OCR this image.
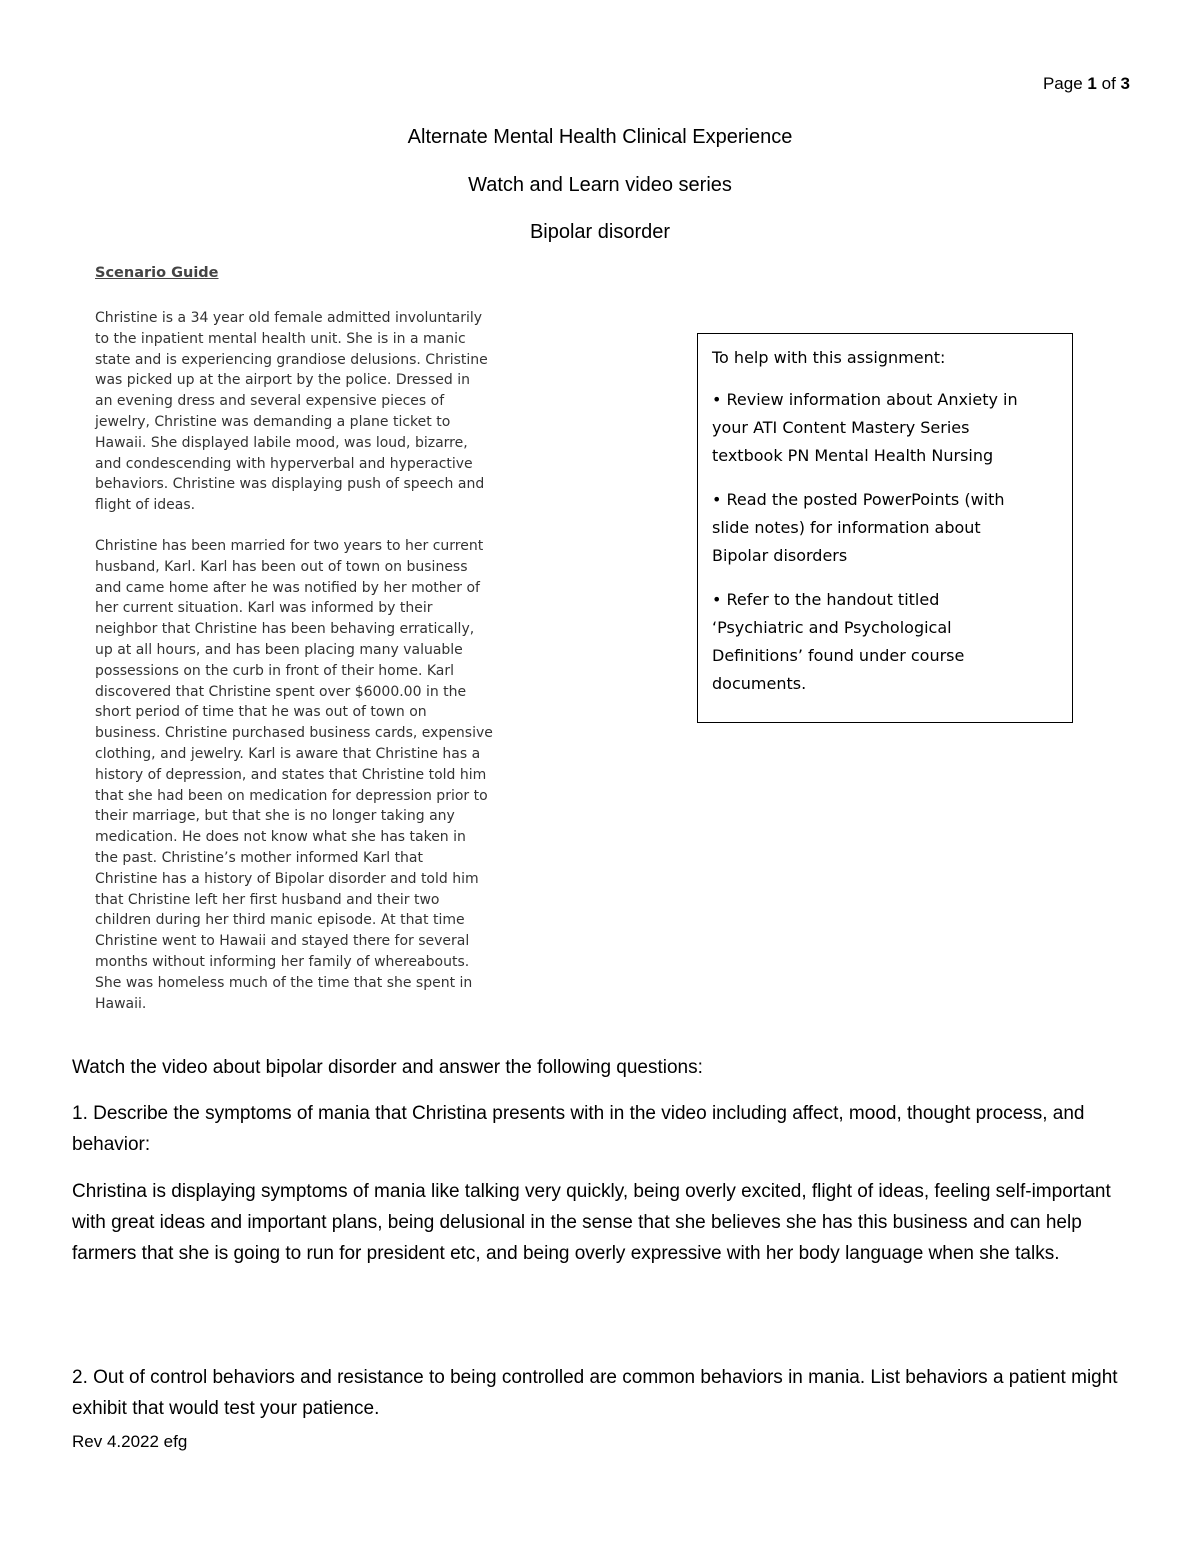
Page 1 of 3
Alternate Mental Health Clinical Experience
Watch and Learn video series
Bipolar disorder
Scenario Guide
Christine is a 34 year old female admitted involuntarily
to the inpatient mental health unit. She is in a manic
state and is experiencing grandiose delusions. Christine
was picked up at the airport by the police. Dressed in
an evening dress and several expensive pieces of
jewelry, Christine was demanding a plane ticket to
Hawaii. She displayed labile mood, was loud, bizarre,
and condescending with hyperverbal and hyperactive
behaviors. Christine was displaying push of speech and
flight of ideas.
Christine has been married for two years to her current
husband, Karl. Karl has been out of town on business
and came home after he was notified by her mother of
her current situation. Karl was informed by their
neighbor that Christine has been behaving erratically,
up at all hours, and has been placing many valuable
possessions on the curb in front of their home. Karl
discovered that Christine spent over $6000.00 in the
short period of time that he was out of town on
business. Christine purchased business cards, expensive
clothing, and jewelry. Karl is aware that Christine has a
history of depression, and states that Christine told him
that she had been on medication for depression prior to
their marriage, but that she is no longer taking any
medication. He does not know what she has taken in
the past. Christine’s mother informed Karl that
Christine has a history of Bipolar disorder and told him
that Christine left her first husband and their two
children during her third manic episode. At that time
Christine went to Hawaii and stayed there for several
months without informing her family of whereabouts.
She was homeless much of the time that she spent in
Hawaii.
To help with this assignment:
• Review information about Anxiety in
your ATI Content Mastery Series
textbook PN Mental Health Nursing
• Read the posted PowerPoints (with
slide notes) for information about
Bipolar disorders
• Refer to the handout titled
‘Psychiatric and Psychological
Definitions’ found under course
documents.
Watch the video about bipolar disorder and answer the following questions:
1. Describe the symptoms of mania that Christina presents with in the video including affect, mood, thought process, and behavior:
Christina is displaying symptoms of mania like talking very quickly, being overly excited, flight of ideas, feeling self-important with great ideas and important plans, being delusional in the sense that she believes she has this business and can help farmers that she is going to run for president etc, and being overly expressive with her body language when she talks.
2. Out of control behaviors and resistance to being controlled are common behaviors in mania. List behaviors a patient might exhibit that would test your patience.
Rev 4.2022 efg
